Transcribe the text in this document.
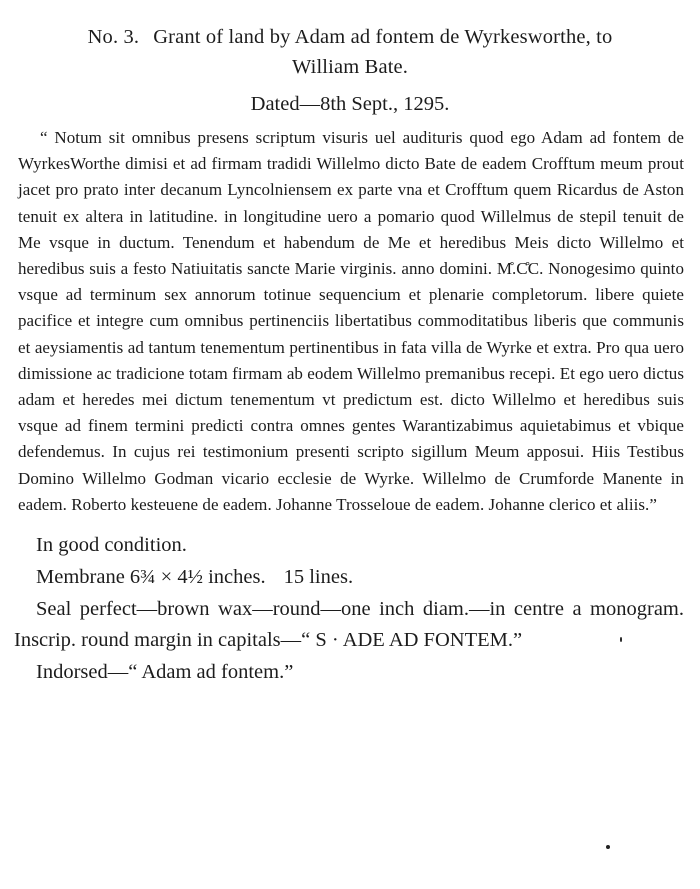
No. 3. Grant of land by Adam ad fontem de Wyrkesworthe, to
William Bate.

Dated—8th Sept., 1295.

“ Notum sit omnibus presens scriptum visuris uel audituris quod ego Adam ad fontem de WyrkesWorthe dimisi et ad firmam tradidi Willelmo dicto Bate de eadem Crofftum meum prout jacet pro prato inter decanum Lyncolniensem ex parte vna et Crofftum quem Ricardus de Aston tenuit ex altera in latitudine. in longitudine uero a pomario quod Willelmus de stepil tenuit de Me vsque in ductum. Tenendum et habendum de Me et heredibus Meis dicto Willelmo et heredibus suis a festo Natiuitatis sancte Marie virginis. anno domini. M̊.C̊C. Nonogesimo quinto vsque ad terminum sex annorum totinue sequencium et plenarie completorum. libere quiete pacifice et integre cum omnibus pertinenciis libertatibus commoditatibus liberis que communis et aeysiamentis ad tantum tenementum pertinentibus in fata villa de Wyrke et extra. Pro qua uero dimissione ac tradicione totam firmam ab eodem Willelmo premanibus recepi. Et ego uero dictus adam et heredes mei dictum tenementum vt predictum est. dicto Willelmo et heredibus suis vsque ad finem termini predicti contra omnes gentes Warantizabimus aquietabimus et vbique defendemus. In cujus rei testimonium presenti scripto sigillum Meum apposui. Hiis Testibus Domino Willelmo Godman vicario ecclesie de Wyrke. Willelmo de Crumforde Manente in eadem. Roberto kesteuene de eadem. Johanne Trosseloue de eadem. Johanne clerico et aliis.”

In good condition.

Membrane 6¾ × 4½ inches. 15 lines.

Seal perfect—brown wax—round—one inch diam.—in centre a monogram. Inscrip. round margin in capitals—“ S · ADE AD FONTEM.”

Indorsed—“ Adam ad fontem.”
